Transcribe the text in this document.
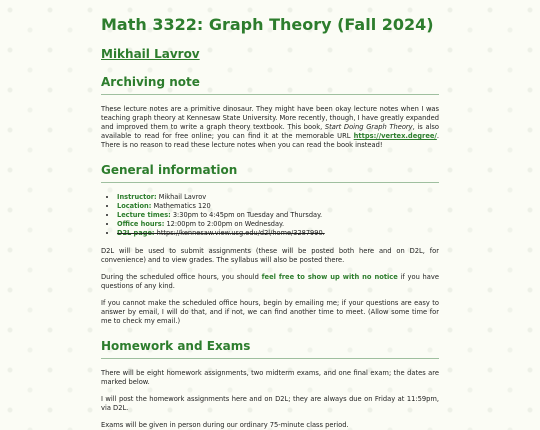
Math 3322: Graph Theory (Fall 2024)
Mikhail Lavrov
Archiving note

These lecture notes are a primitive dinosaur. They might have been okay lecture notes when I was teaching graph theory at Kennesaw State University. More recently, though, I have greatly expanded and improved them to write a graph theory textbook. This book, Start Doing Graph Theory, is also available to read for free online; you can find it at the memorable URL https://vertex.degree/. There is no reason to read these lecture notes when you can read the book instead!

General information
• Instructor: Mikhail Lavrov
• Location: Mathematics 120
• Lecture times: 3:30pm to 4:45pm on Tuesday and Thursday.
• Office hours: 12:00pm to 2:00pm on Wednesday.
• D2L page: https://kennesaw.view.usg.edu/d2l/home/3287990.

D2L will be used to submit assignments (these will be posted both here and on D2L, for convenience) and to view grades. The syllabus will also be posted there.

During the scheduled office hours, you should feel free to show up with no notice if you have questions of any kind.

If you cannot make the scheduled office hours, begin by emailing me; if your questions are easy to answer by email, I will do that, and if not, we can find another time to meet. (Allow some time for me to check my email.)

Homework and Exams

There will be eight homework assignments, two midterm exams, and one final exam; the dates are marked below.

I will post the homework assignments here and on D2L; they are always due on Friday at 11:59pm, via D2L.

Exams will be given in person during our ordinary 75-minute class period.
